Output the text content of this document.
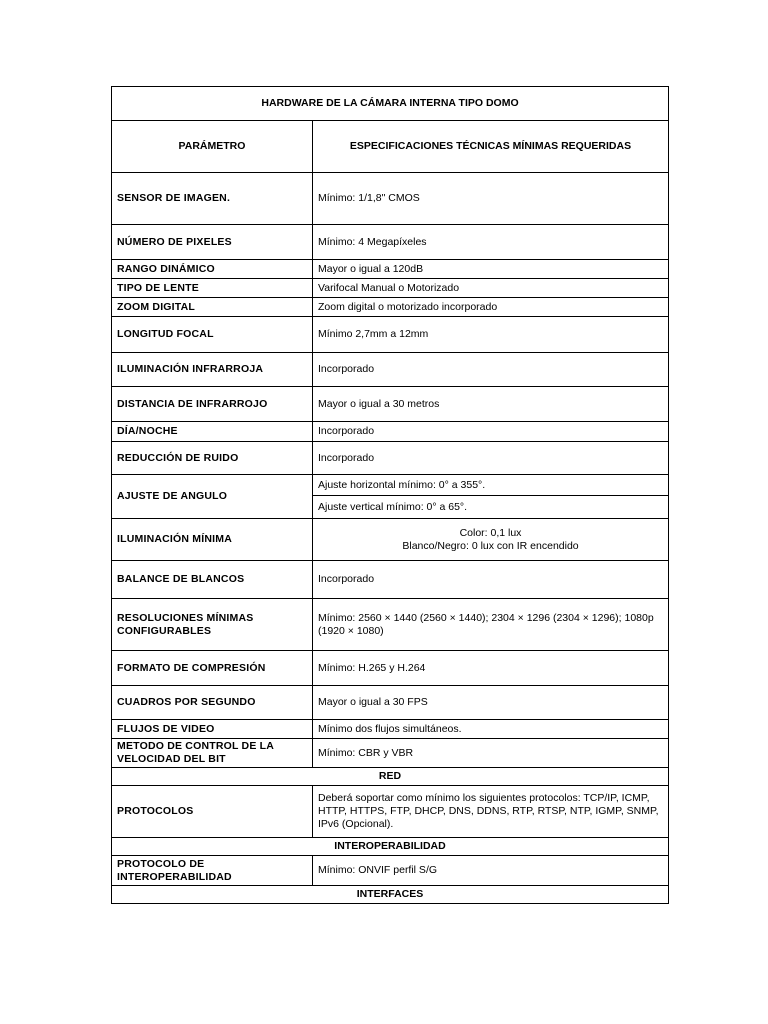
HARDWARE DE LA CÁMARA INTERNA TIPO DOMO	
PARÁMETRO	ESPECIFICACIONES TÉCNICAS MÍNIMAS REQUERIDAS
SENSOR DE IMAGEN.	Mínimo: 1/1,8" CMOS
NÚMERO DE PIXELES	Mínimo: 4 Megapíxeles
RANGO DINÁMICO	Mayor o igual a 120dB
TIPO DE LENTE	Varifocal Manual o Motorizado
ZOOM DIGITAL	Zoom digital o motorizado incorporado
LONGITUD FOCAL	Mínimo 2,7mm a 12mm
ILUMINACIÓN INFRARROJA	Incorporado
DISTANCIA DE INFRARROJO	Mayor o igual a 30 metros
DÍA/NOCHE	Incorporado
REDUCCIÓN DE RUIDO	Incorporado
AJUSTE DE ANGULO	Ajuste horizontal mínimo: 0° a 355°.
	Ajuste vertical mínimo: 0° a 65°.
ILUMINACIÓN MÍNIMA	Color: 0,1 lux
Blanco/Negro: 0 lux con IR encendido

BALANCE DE BLANCOS	Incorporado

RESOLUCIONES MÍNIMAS
CONFIGURABLES	Mínimo: 2560 × 1440 (2560 × 1440); 2304 × 1296 (2304 × 1296); 1080p (1920 × 1080)
FORMATO DE COMPRESIÓN	Mínimo: H.265 y H.264
CUADROS POR SEGUNDO	Mayor o igual a 30 FPS
FLUJOS DE VIDEO	Mínimo dos flujos simultáneos.

METODO DE CONTROL DE LA
VELOCIDAD DEL BIT	Mínimo: CBR y VBR
RED	
PROTOCOLOS	Deberá soportar como mínimo los siguientes protocolos: TCP/IP, ICMP, HTTP, HTTPS, FTP, DHCP, DNS, DDNS, RTP, RTSP, NTP, IGMP, SNMP, IPv6 (Opcional).
INTEROPERABILIDAD	

PROTOCOLO DE
INTEROPERABILIDAD	Mínimo: ONVIF perfil S/G
INTERFACES	
